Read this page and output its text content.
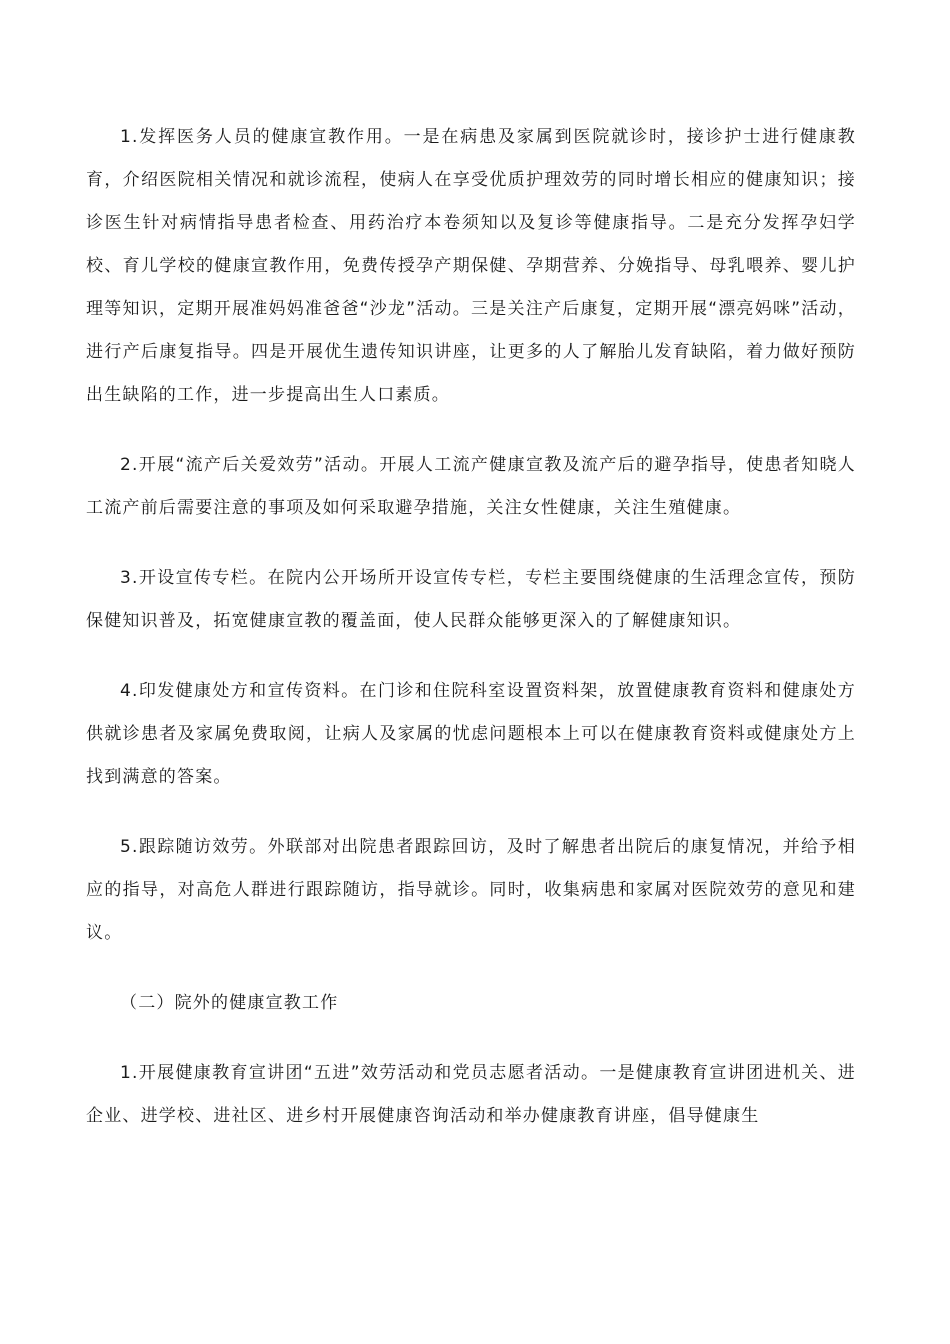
1.发挥医务人员的健康宣教作用。一是在病患及家属到医院就诊时，接诊护士进行健康教育，介绍医院相关情况和就诊流程，使病人在享受优质护理效劳的同时增长相应的健康知识；接诊医生针对病情指导患者检查、用药治疗本卷须知以及复诊等健康指导。二是充分发挥孕妇学校、育儿学校的健康宣教作用，免费传授孕产期保健、孕期营养、分娩指导、母乳喂养、婴儿护理等知识，定期开展准妈妈准爸爸“沙龙”活动。三是关注产后康复，定期开展“漂亮妈咪”活动，进行产后康复指导。四是开展优生遗传知识讲座，让更多的人了解胎儿发育缺陷，着力做好预防出生缺陷的工作，进一步提高出生人口素质。

2.开展“流产后关爱效劳”活动。开展人工流产健康宣教及流产后的避孕指导，使患者知晓人工流产前后需要注意的事项及如何采取避孕措施，关注女性健康，关注生殖健康。

3.开设宣传专栏。在院内公开场所开设宣传专栏，专栏主要围绕健康的生活理念宣传，预防保健知识普及，拓宽健康宣教的覆盖面，使人民群众能够更深入的了解健康知识。

4.印发健康处方和宣传资料。在门诊和住院科室设置资料架，放置健康教育资料和健康处方供就诊患者及家属免费取阅，让病人及家属的忧虑问题根本上可以在健康教育资料或健康处方上找到满意的答案。

5.跟踪随访效劳。外联部对出院患者跟踪回访，及时了解患者出院后的康复情况，并给予相应的指导，对高危人群进行跟踪随访，指导就诊。同时，收集病患和家属对医院效劳的意见和建议。

（二）院外的健康宣教工作

1.开展健康教育宣讲团“五进”效劳活动和党员志愿者活动。一是健康教育宣讲团进机关、进企业、进学校、进社区、进乡村开展健康咨询活动和举办健康教育讲座，倡导健康生
